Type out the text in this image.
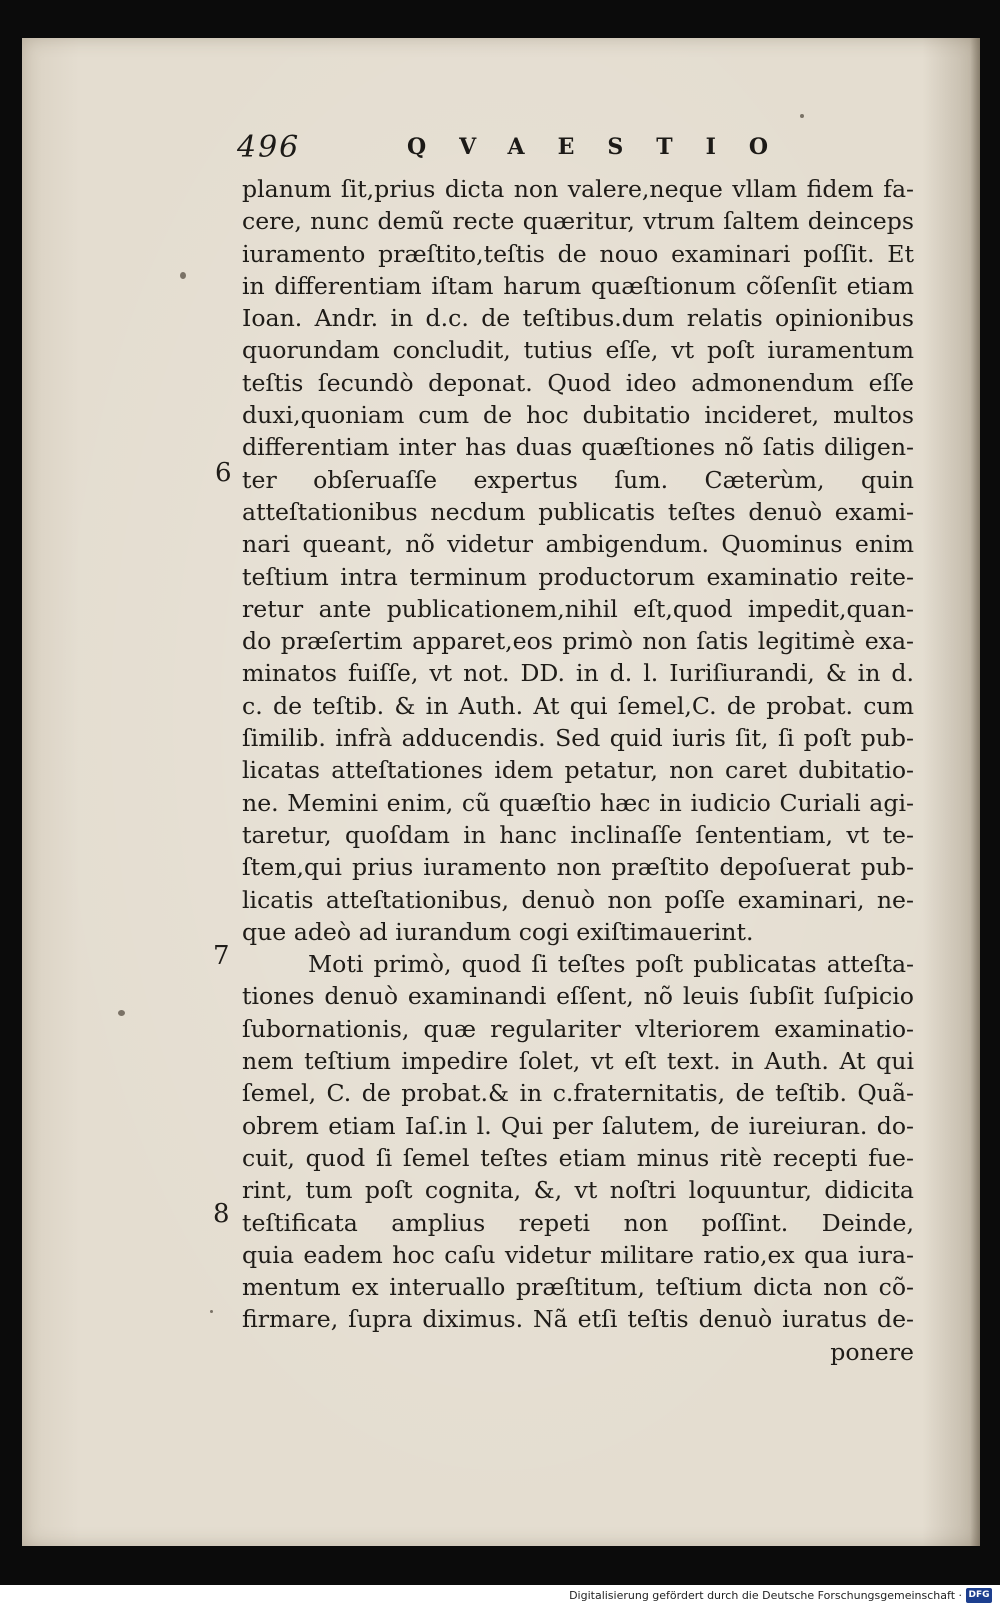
496	QVAESTIO
6
7
8
planum ſit,prius dicta non valere,neque vllam fidem fa-
cere, nunc demũ recte quæritur, vtrum ſaltem deinceps
iuramento præſtito,teſtis de nouo examinari poſſit. Et
in differentiam iſtam harum quæſtionum cõſenſit etiam
Ioan. Andr. in d.c. de teſtibus.dum relatis opinionibus
quorundam concludit, tutius eſſe, vt poſt iuramentum
teſtis ſecundò deponat. Quod ideo admonendum eſſe
duxi,quoniam cum de hoc dubitatio incideret, multos
differentiam inter has duas quæſtiones nõ ſatis diligen-
ter obſeruaſſe expertus ſum. Cæterùm, quin
atteſtationibus necdum publicatis teſtes denuò exami-
nari queant, nõ videtur ambigendum. Quominus enim
teſtium intra terminum productorum examinatio reite-
retur ante publicationem,nihil eſt,quod impedit,quan-
do præſertim apparet,eos primò non ſatis legitimè exa-
minatos fuiſſe, vt not. DD. in d. l. Iuriſiurandi, & in d.
c. de teſtib. & in Auth. At qui ſemel,C. de probat. cum
ſimilib. infrà adducendis. Sed quid iuris ſit, ſi poſt pub-
licatas atteſtationes idem petatur, non caret dubitatio-
ne. Memini enim, cũ quæſtio hæc in iudicio Curiali agi-
taretur, quoſdam in hanc inclinaſſe ſententiam, vt te-
ſtem,qui prius iuramento non præſtito depoſuerat pub-
licatis atteſtationibus, denuò non poſſe examinari, ne-
que adeò ad iurandum cogi exiſtimauerint.
Moti primò, quod ſi teſtes poſt publicatas atteſta-
tiones denuò examinandi eſſent, nõ leuis ſubſit ſuſpicio
ſubornationis, quæ regulariter vlteriorem examinatio-
nem teſtium impedire ſolet, vt eſt text. in Auth. At qui
ſemel, C. de probat.& in c.fraternitatis, de teſtib. Quã-
obrem etiam Iaſ.in l. Qui per ſalutem, de iureiuran. do-
cuit, quod ſi ſemel teſtes etiam minus ritè recepti fue-
rint, tum poſt cognita, &, vt noſtri loquuntur, didicita
teſtificata amplius repeti non poſſint. Deinde,
quia eadem hoc caſu videtur militare ratio,ex qua iura-
mentum ex interuallo præſtitum, teſtium dicta non cõ-
firmare, ſupra diximus. Nã etſi teſtis denuò iuratus de-
ponere
Digitalisierung gefördert durch die Deutsche Forschungsgemeinschaft · DFG
